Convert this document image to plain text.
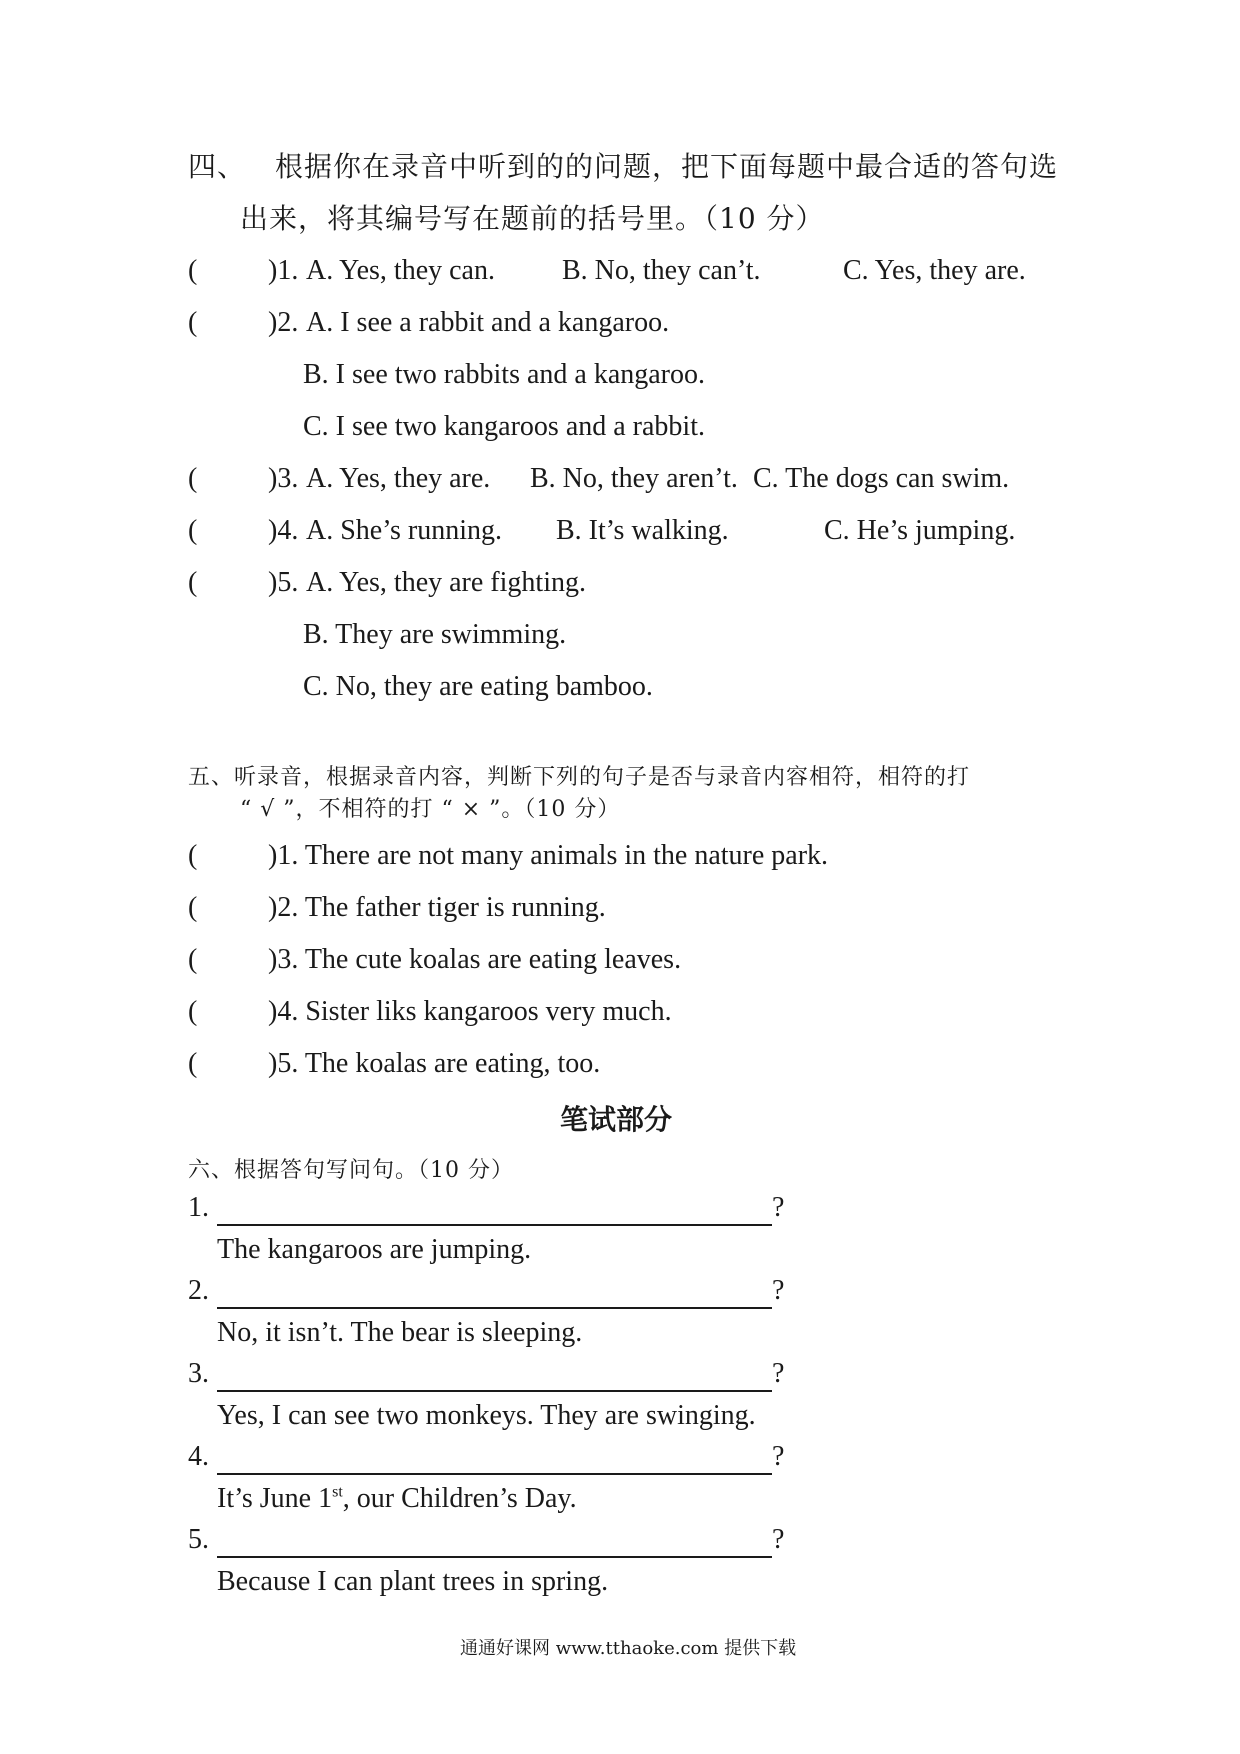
四、 根据你在录音中听到的的问题，把下面每题中最合适的答句选
出来，将其编号写在题前的括号里。（10 分）
(	)1. A. Yes, they can. B. No, they can’t.	C. Yes, they are.
(	)2. A. I see a rabbit and a kangaroo.
B. I see two rabbits and a kangaroo.
C. I see two kangaroos and a rabbit.
(	)3. A. Yes, they are. B. No, they aren’t. C. The dogs can swim.
(	)4. A. She’s running. B. It’s walking.	C. He’s jumping.
(	)5. A. Yes, they are fighting.
B. They are swimming.
C. No, they are eating bamboo.
五、听录音，根据录音内容，判断下列的句子是否与录音内容相符，相符的打
“ √ ”，不相符的打 “ × ”。（10 分）
(	)1. There are not many animals in the nature park.
(	)2. The father tiger is running.
(	)3. The cute koalas are eating leaves.
(	)4. Sister liks kangaroos very much.
(	)5. The koalas are eating, too.
笔试部分
六、根据答句写问句。（10 分）
1.	?
The kangaroos are jumping.
2.	?
No, it isn’t. The bear is sleeping.
3.	?
Yes, I can see two monkeys. They are swinging.
4.	?
It’s June 1st, our Children’s Day.
5.	?
Because I can plant trees in spring.
通通好课网 www.tthaoke.com 提供下载
